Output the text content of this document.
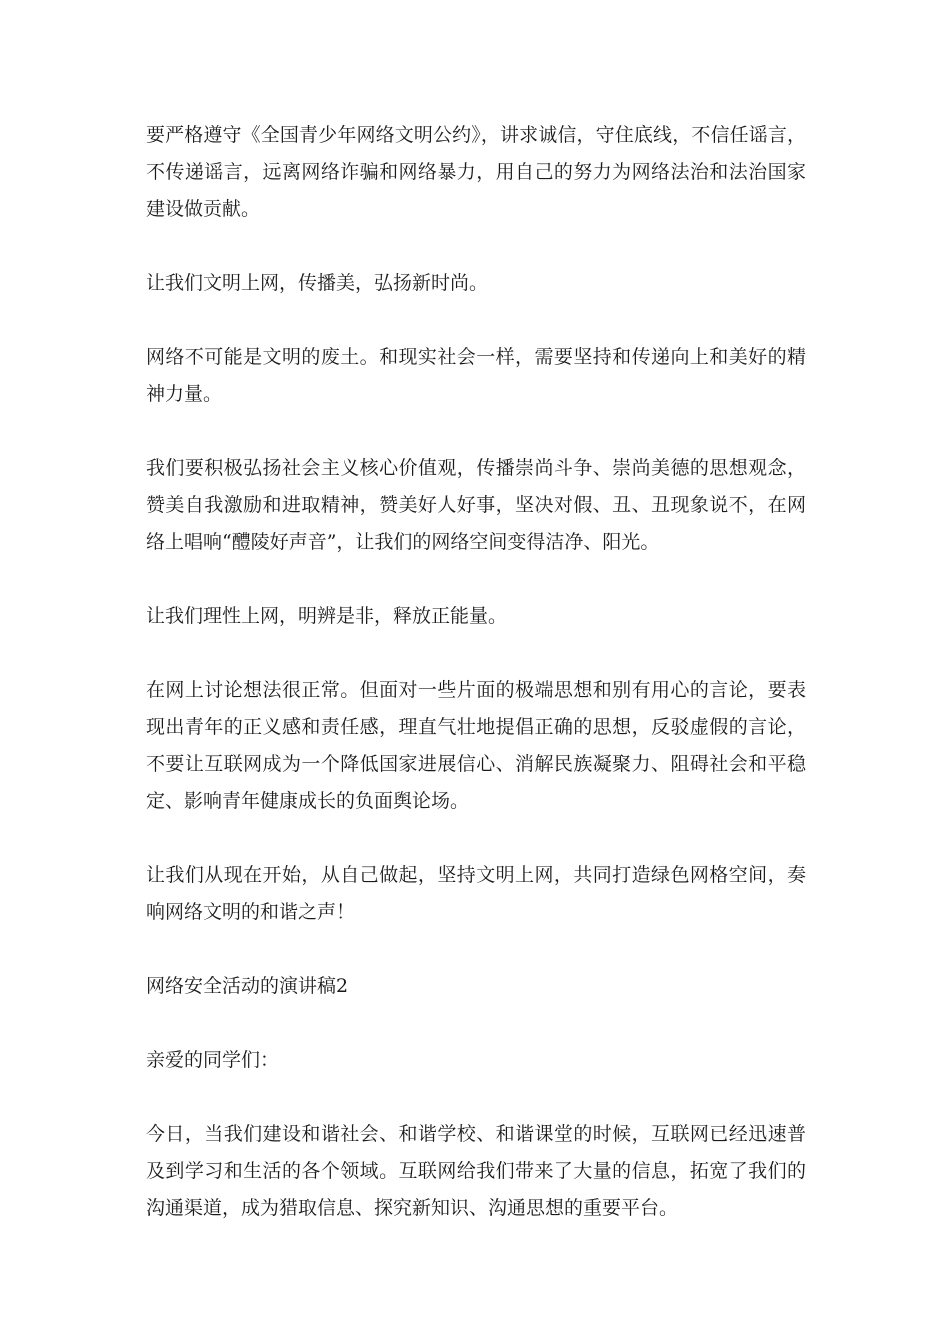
要严格遵守《全国青少年网络文明公约》，讲求诚信，守住底线，不信任谣言，不传递谣言，远离网络诈骗和网络暴力，用自己的努力为网络法治和法治国家建设做贡献。

让我们文明上网，传播美，弘扬新时尚。

网络不可能是文明的废土。和现实社会一样，需要坚持和传递向上和美好的精神力量。

我们要积极弘扬社会主义核心价值观，传播崇尚斗争、崇尚美德的思想观念，赞美自我激励和进取精神，赞美好人好事，坚决对假、丑、丑现象说不，在网络上唱响“醴陵好声音”，让我们的网络空间变得洁净、阳光。

让我们理性上网，明辨是非，释放正能量。

在网上讨论想法很正常。但面对一些片面的极端思想和别有用心的言论，要表现出青年的正义感和责任感，理直气壮地提倡正确的思想，反驳虚假的言论，不要让互联网成为一个降低国家进展信心、消解民族凝聚力、阻碍社会和平稳定、影响青年健康成长的负面舆论场。

让我们从现在开始，从自己做起，坚持文明上网，共同打造绿色网格空间，奏响网络文明的和谐之声！

网络安全活动的演讲稿2

亲爱的同学们：

今日，当我们建设和谐社会、和谐学校、和谐课堂的时候，互联网已经迅速普及到学习和生活的各个领域。互联网给我们带来了大量的信息，拓宽了我们的沟通渠道，成为猎取信息、探究新知识、沟通思想的重要平台。
